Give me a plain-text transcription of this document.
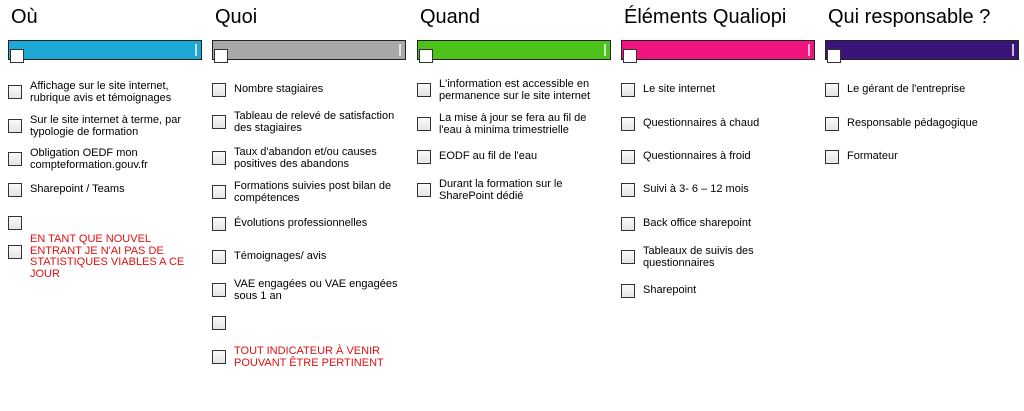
Où
Affichage sur le site internet, rubrique avis et témoignages
Sur le site internet à terme, par typologie de formation
Obligation OEDF mon compteformation.gouv.fr
Sharepoint / Teams
EN TANT QUE NOUVEL ENTRANT JE N'AI PAS DE STATISTIQUES VIABLES A CE JOUR
Quoi
Nombre stagiaires
Tableau de relevé de satisfaction des stagiaires
Taux d'abandon et/ou causes positives des abandons
Formations suivies post bilan de compétences
Évolutions professionnelles
Témoignages/ avis
VAE engagées ou VAE engagées sous 1 an
TOUT INDICATEUR À VENIR POUVANT ÊTRE PERTINENT
Quand
L'information est accessible en permanence sur le site internet
La mise à jour se fera au fil de l'eau à minima trimestrielle
EODF au fil de l'eau
Durant la formation sur le SharePoint dédié
Éléments Qualiopi
Le site internet
Questionnaires à chaud
Questionnaires à froid
Suivi à 3- 6 – 12 mois
Back office sharepoint
Tableaux de suivis des questionnaires
Sharepoint
Qui responsable ?
Le gérant de l'entreprise
Responsable pédagogique
Formateur
